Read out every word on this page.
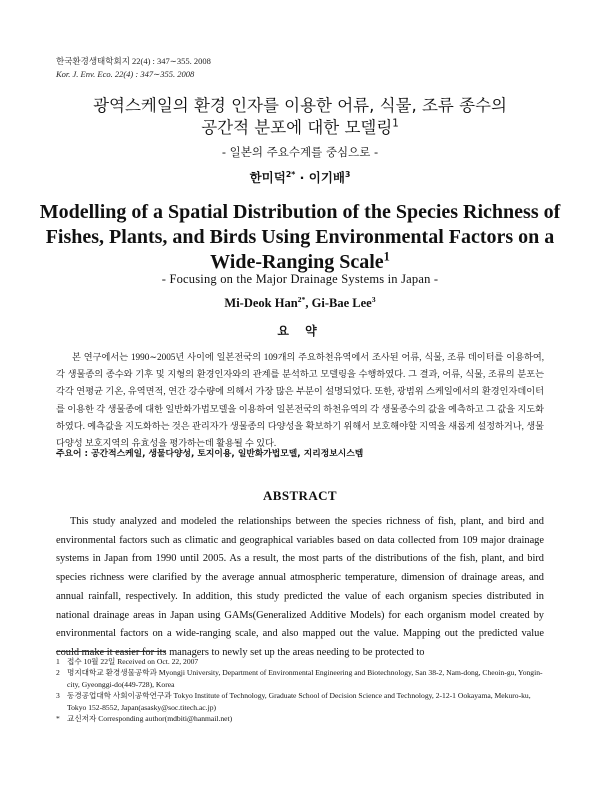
한국환경생태학회지 22(4) : 347∼355. 2008
Kor. J. Env. Eco. 22(4) : 347∼355. 2008
광역스케일의 환경 인자를 이용한 어류, 식물, 조류 종수의
공간적 분포에 대한 모델링$^1$
- 일본의 주요수계를 중심으로 -
한미덕$^{2*}$ · 이기배$^3$
Modelling of a Spatial Distribution of the Species Richness of
Fishes, Plants, and Birds Using Environmental Factors on a
Wide-Ranging Scale$^1$
- Focusing on the Major Drainage Systems in Japan -
Mi-Deok Han$^{2*}$, Gi-Bae Lee$^3$
요 약

본 연구에서는 1990∼2005년 사이에 일본전국의 109개의 주요하천유역에서 조사된 어류, 식물, 조류 데이터를 이용하여, 각 생물종의 종수와 기후 및 지형의 환경인자와의 관계를 분석하고 모델링을 수행하였다. 그 결과, 어류, 식물, 조류의 분포는 각각 연평균 기온, 유역면적, 연간 강수량에 의해서 가장 많은 부분이 설명되었다. 또한, 광범위 스케일에서의 환경인자데이터를 이용한 각 생물종에 대한 일반화가법모델을 이용하여 일본전국의 하천유역의 각 생물종수의 값을 예측하고 그 값을 지도화하였다. 예측값을 지도화하는 것은 관리자가 생물종의 다양성을 확보하기 위해서 보호해야할 지역을 새롭게 설정하거나, 생물다양성 보호지역의 유효성을 평가하는데 활용될 수 있다.

주요어 : 공간적스케일, 생물다양성, 토지이용, 일반화가법모델, 지리정보시스템
ABSTRACT

This study analyzed and modeled the relationships between the species richness of fish, plant, and bird and environmental factors such as climatic and geographical variables based on data collected from 109 major drainage systems in Japan from 1990 until 2005. As a result, the most parts of the distributions of the fish, plant, and bird species richness were clarified by the average annual atmospheric temperature, dimension of drainage areas, and annual rainfall, respectively. In addition, this study predicted the value of each organism species distributed in national drainage areas in Japan using GAMs(Generalized Additive Models) for each organism model created by environmental factors on a wide-ranging scale, and also mapped out the value. Mapping out the predicted value could make it easier for its managers to newly set up the areas needing to be protected to

1 접수 10월 22일 Received on Oct. 22, 2007
2 명지대학교 환경생물공학과 Myongji University, Department of Environmental Engineering and Biotechnology, San 38-2, Nam-dong, Cheoin-gu, Yongin-city, Gyeonggi-do(449-728), Korea
3 동경공업대학 사회이공학연구과 Tokyo Institute of Technology, Graduate School of Decision Science and Technology, 2-12-1 Ookayama, Mekuro-ku, Tokyo 152-8552, Japan(asasky@soc.titech.ac.jp)
* 교신저자 Corresponding author(mdbiti@hanmail.net)
